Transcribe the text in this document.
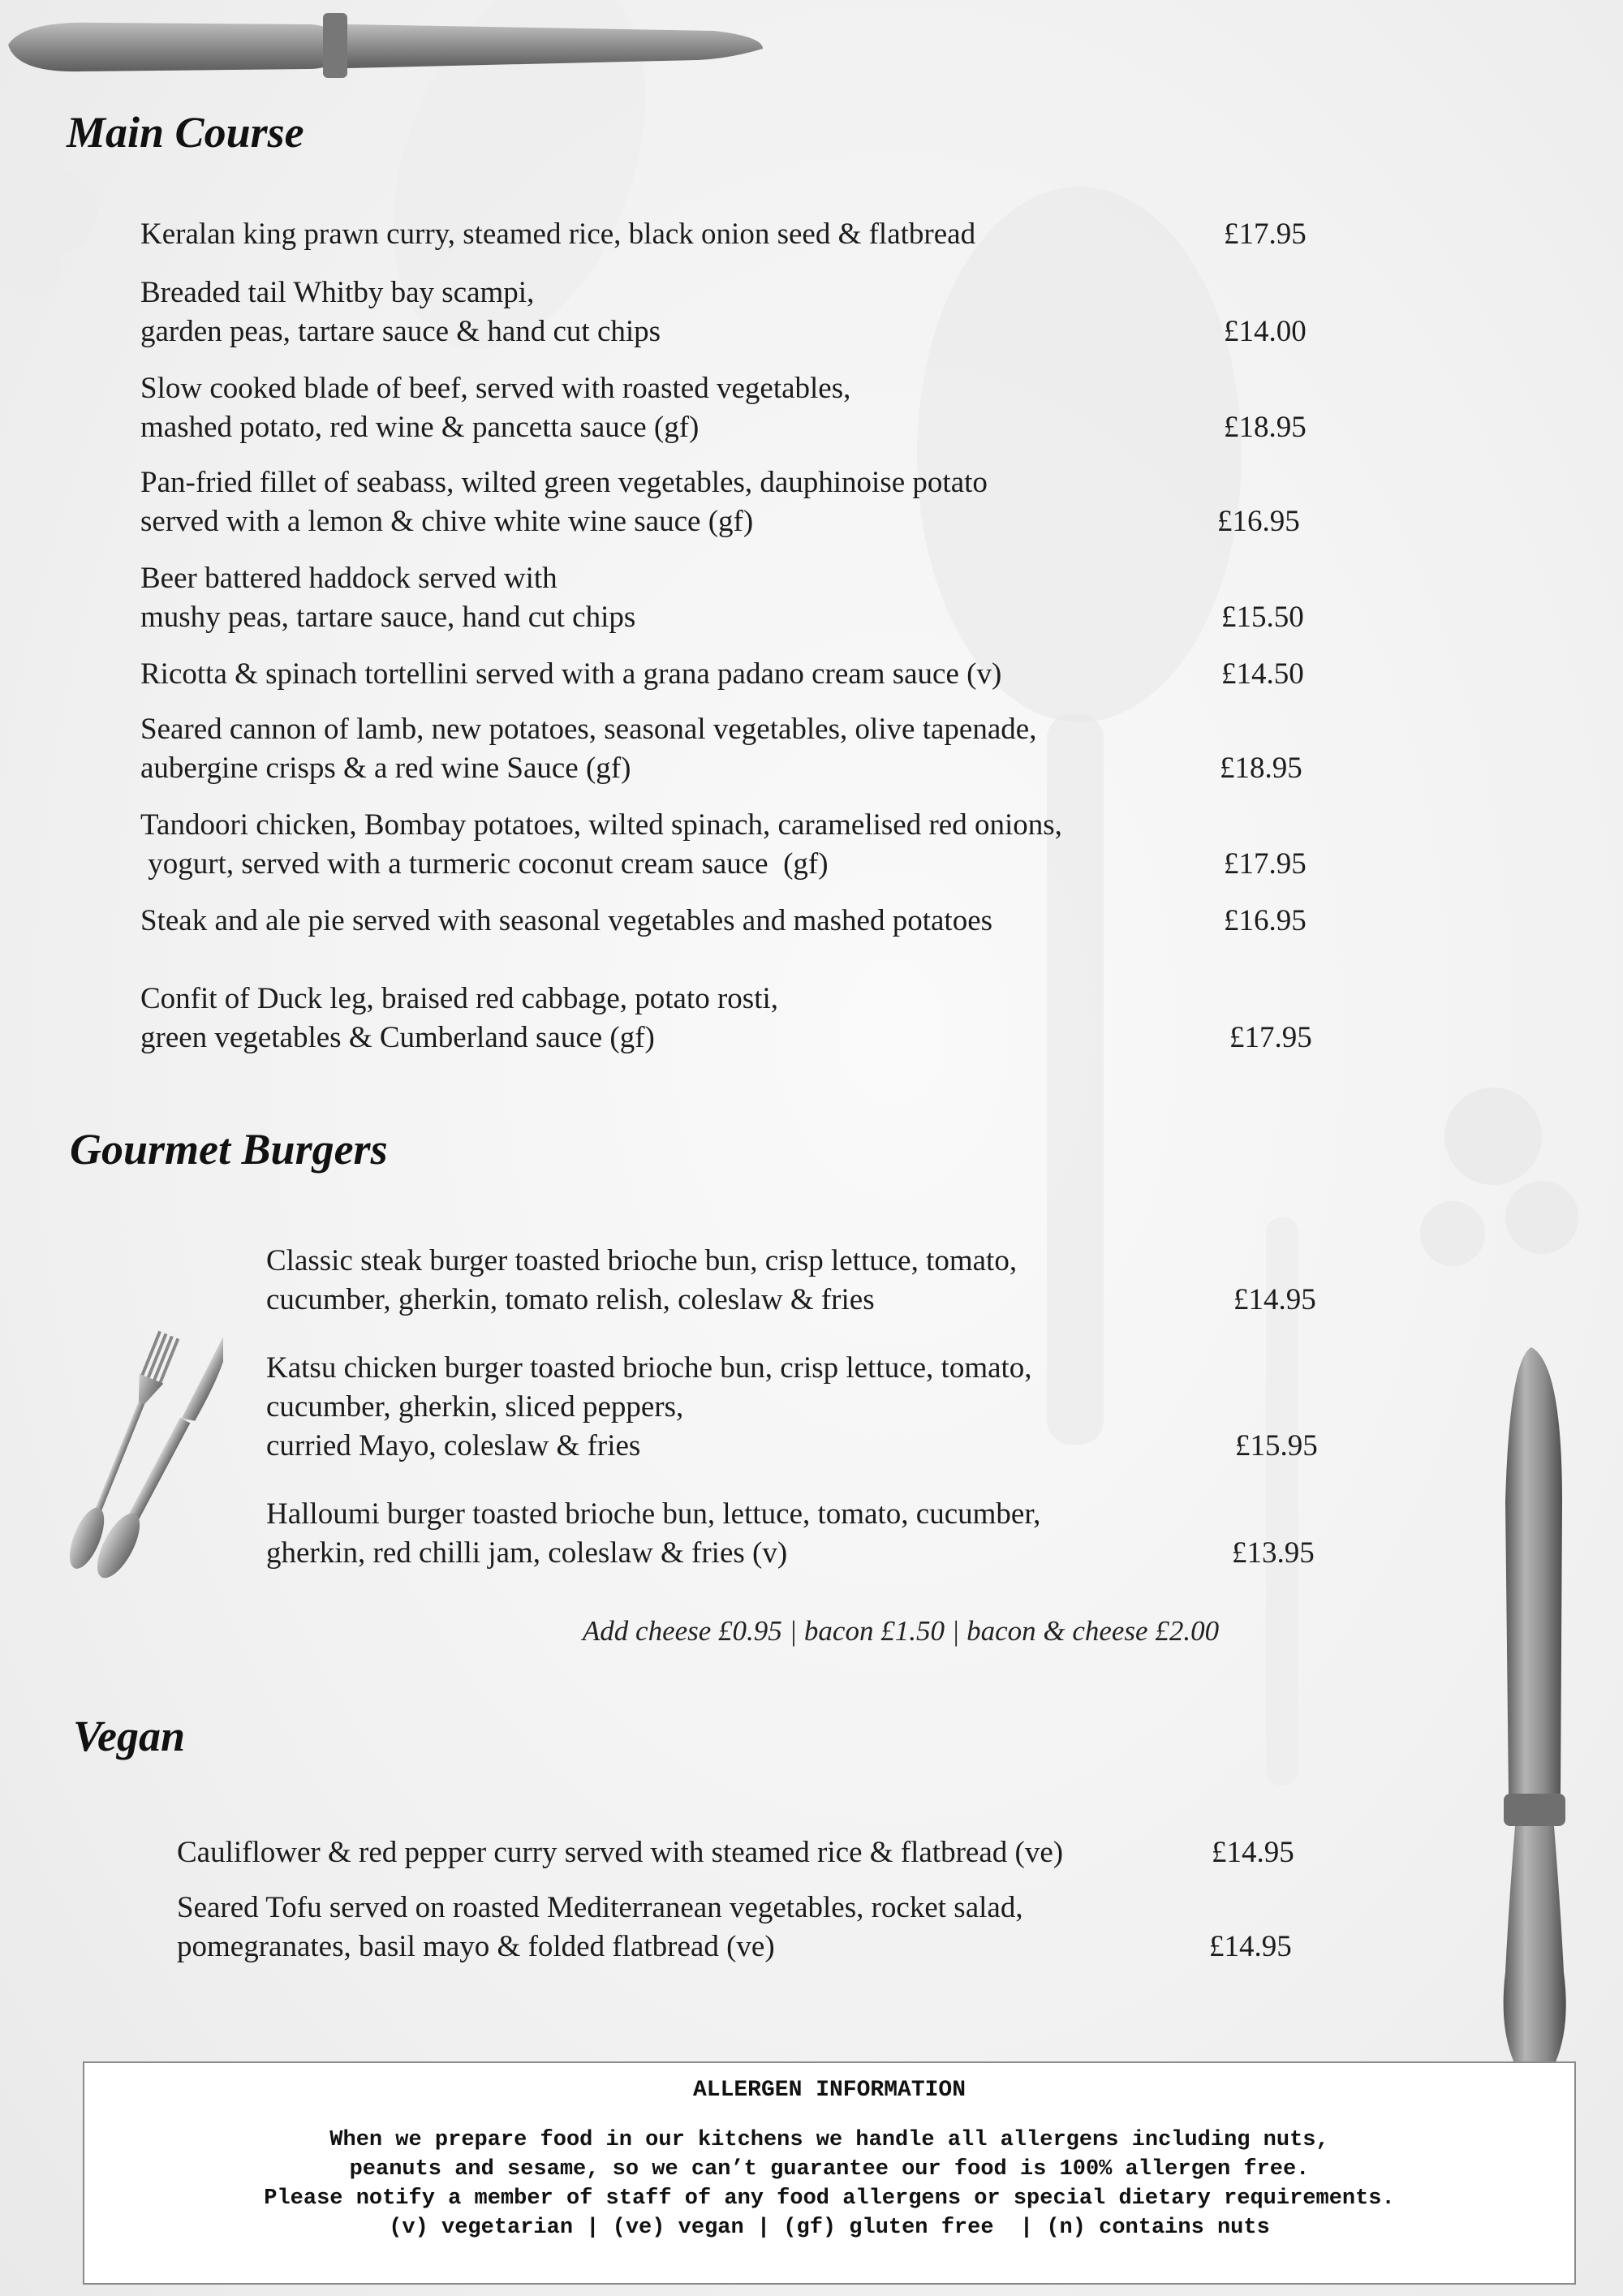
Main Course
Keralan king prawn curry, steamed rice, black onion seed & flatbread	£17.95
Breaded tail Whitby bay scampi,
garden peas, tartare sauce & hand cut chips	£14.00
Slow cooked blade of beef, served with roasted vegetables,
mashed potato, red wine & pancetta sauce (gf)	£18.95
Pan-fried fillet of seabass, wilted green vegetables, dauphinoise potato
served with a lemon & chive white wine sauce (gf)	£16.95
Beer battered haddock served with
mushy peas, tartare sauce, hand cut chips	£15.50
Ricotta & spinach tortellini served with a grana padano cream sauce (v)	£14.50
Seared cannon of lamb, new potatoes, seasonal vegetables, olive tapenade,
aubergine crisps & a red wine Sauce (gf)	£18.95
Tandoori chicken, Bombay potatoes, wilted spinach, caramelised red onions,
yogurt, served with a turmeric coconut cream sauce  (gf)	£17.95
Steak and ale pie served with seasonal vegetables and mashed potatoes	£16.95
Confit of Duck leg, braised red cabbage, potato rosti,
green vegetables & Cumberland sauce (gf)	£17.95
Gourmet Burgers
Classic steak burger toasted brioche bun, crisp lettuce, tomato,
cucumber, gherkin, tomato relish, coleslaw & fries	£14.95
Katsu chicken burger toasted brioche bun, crisp lettuce, tomato,
cucumber, gherkin, sliced peppers,
curried Mayo, coleslaw & fries	£15.95
Halloumi burger toasted brioche bun, lettuce, tomato, cucumber,
gherkin, red chilli jam, coleslaw & fries (v)	£13.95
Add cheese £0.95 | bacon £1.50 | bacon & cheese £2.00
Vegan
Cauliflower & red pepper curry served with steamed rice & flatbread (ve)	£14.95
Seared Tofu served on roasted Mediterranean vegetables, rocket salad,
pomegranates, basil mayo & folded flatbread (ve)	£14.95
ALLERGEN INFORMATION
When we prepare food in our kitchens we handle all allergens including nuts,
peanuts and sesame, so we can’t guarantee our food is 100% allergen free.
Please notify a member of staff of any food allergens or special dietary requirements.
(v) vegetarian | (ve) vegan | (gf) gluten free  | (n) contains nuts
